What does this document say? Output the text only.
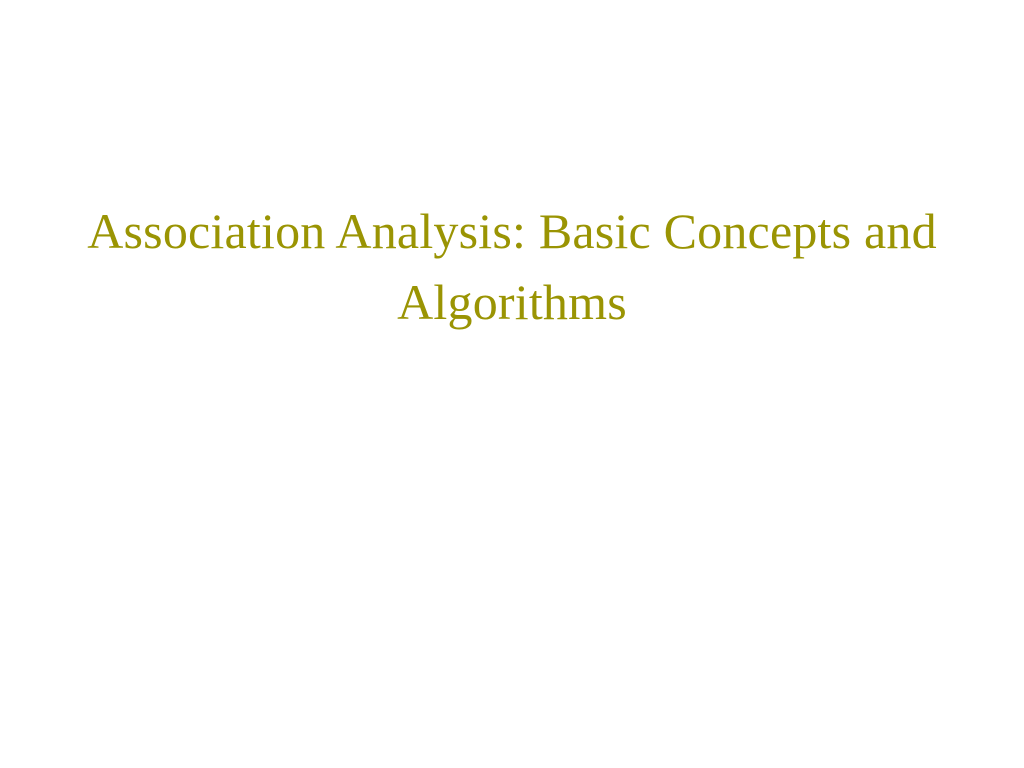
Association Analysis: Basic Concepts and Algorithms
